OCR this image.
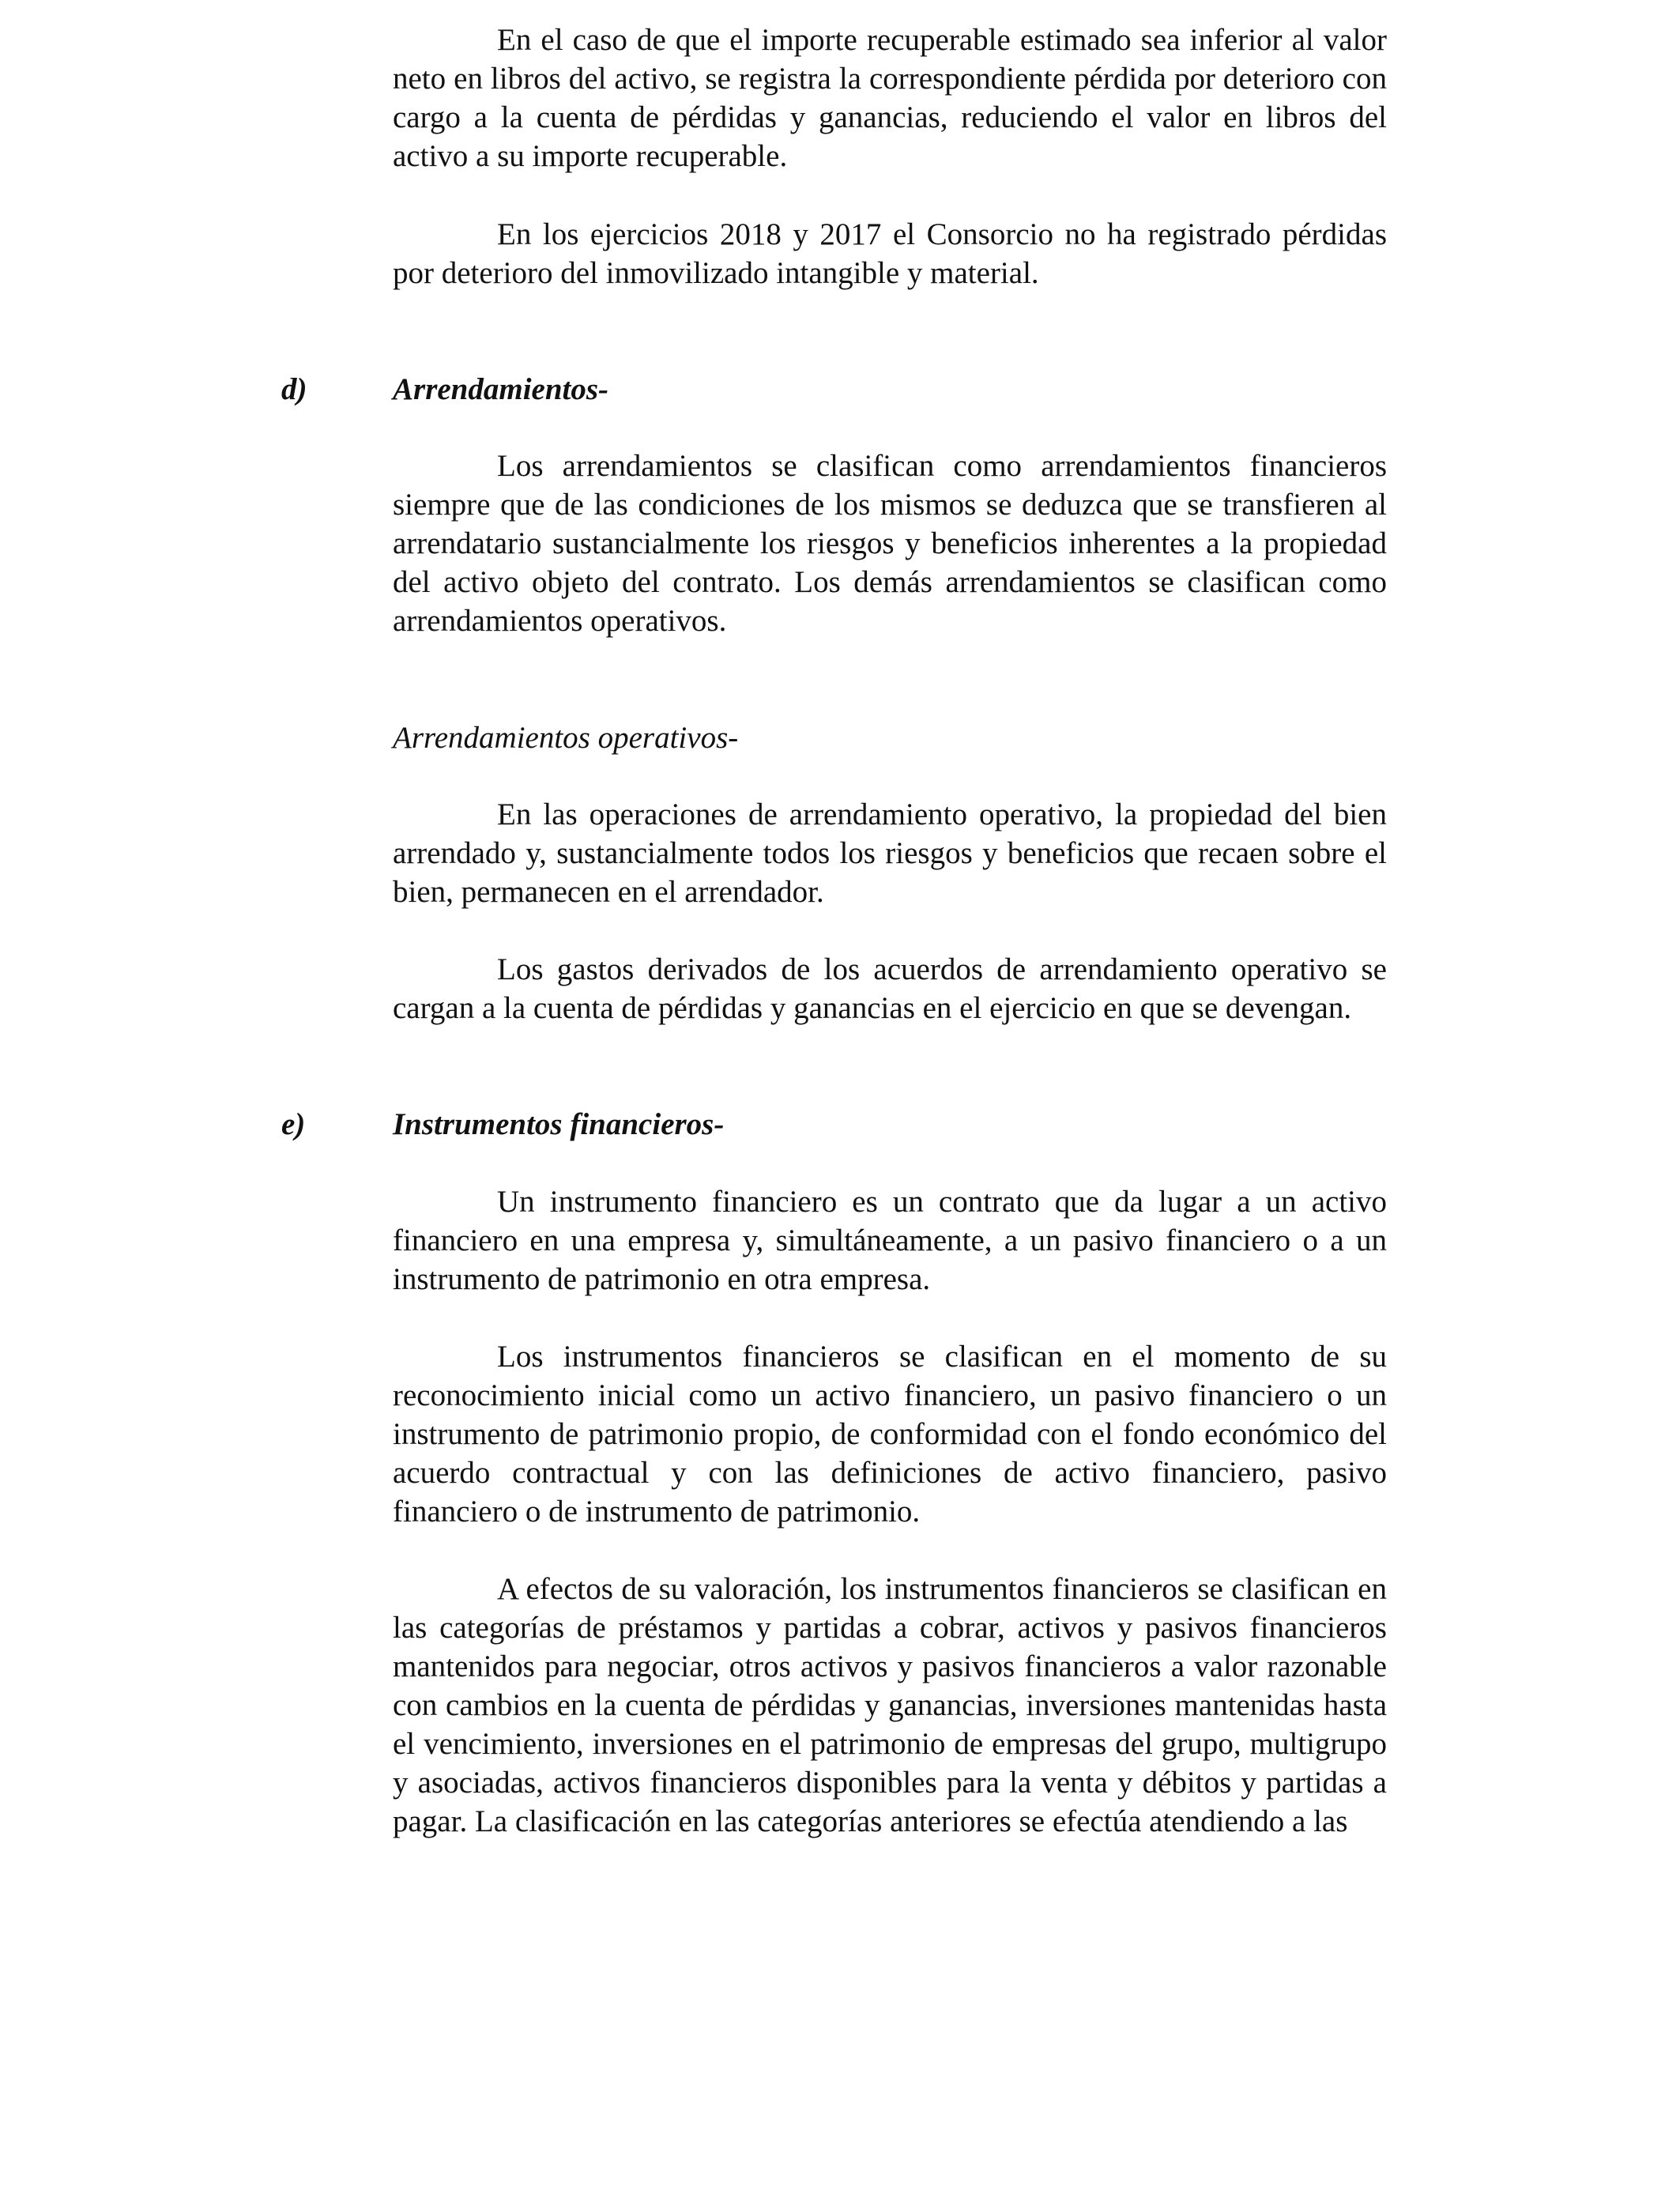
En el caso de que el importe recuperable estimado sea inferior al valor neto en libros del activo, se registra la correspondiente pérdida por deterioro con cargo a la cuenta de pérdidas y ganancias, reduciendo el valor en libros del activo a su importe recuperable.

En los ejercicios 2018 y 2017 el Consorcio no ha registrado pérdidas por deterioro del inmovilizado intangible y material.

d)	Arrendamientos-

Los arrendamientos se clasifican como arrendamientos financieros siempre que de las condiciones de los mismos se deduzca que se transfieren al arrendatario sustancialmente los riesgos y beneficios inherentes a la propiedad del activo objeto del contrato. Los demás arrendamientos se clasifican como arrendamientos operativos.

Arrendamientos operativos-

En las operaciones de arrendamiento operativo, la propiedad del bien arrendado y, sustancialmente todos los riesgos y beneficios que recaen sobre el bien, permanecen en el arrendador.

Los gastos derivados de los acuerdos de arrendamiento operativo se cargan a la cuenta de pérdidas y ganancias en el ejercicio en que se devengan.

e)	Instrumentos financieros-

Un instrumento financiero es un contrato que da lugar a un activo financiero en una empresa y, simultáneamente, a un pasivo financiero o a un instrumento de patrimonio en otra empresa.

Los instrumentos financieros se clasifican en el momento de su reconocimiento inicial como un activo financiero, un pasivo financiero o un instrumento de patrimonio propio, de conformidad con el fondo económico del acuerdo contractual y con las definiciones de activo financiero, pasivo financiero o de instrumento de patrimonio.

A efectos de su valoración, los instrumentos financieros se clasifican en las categorías de préstamos y partidas a cobrar, activos y pasivos financieros mantenidos para negociar, otros activos y pasivos financieros a valor razonable con cambios en la cuenta de pérdidas y ganancias, inversiones mantenidas hasta el vencimiento, inversiones en el patrimonio de empresas del grupo, multigrupo y asociadas, activos financieros disponibles para la venta y débitos y partidas a pagar. La clasificación en las categorías anteriores se efectúa atendiendo a las
